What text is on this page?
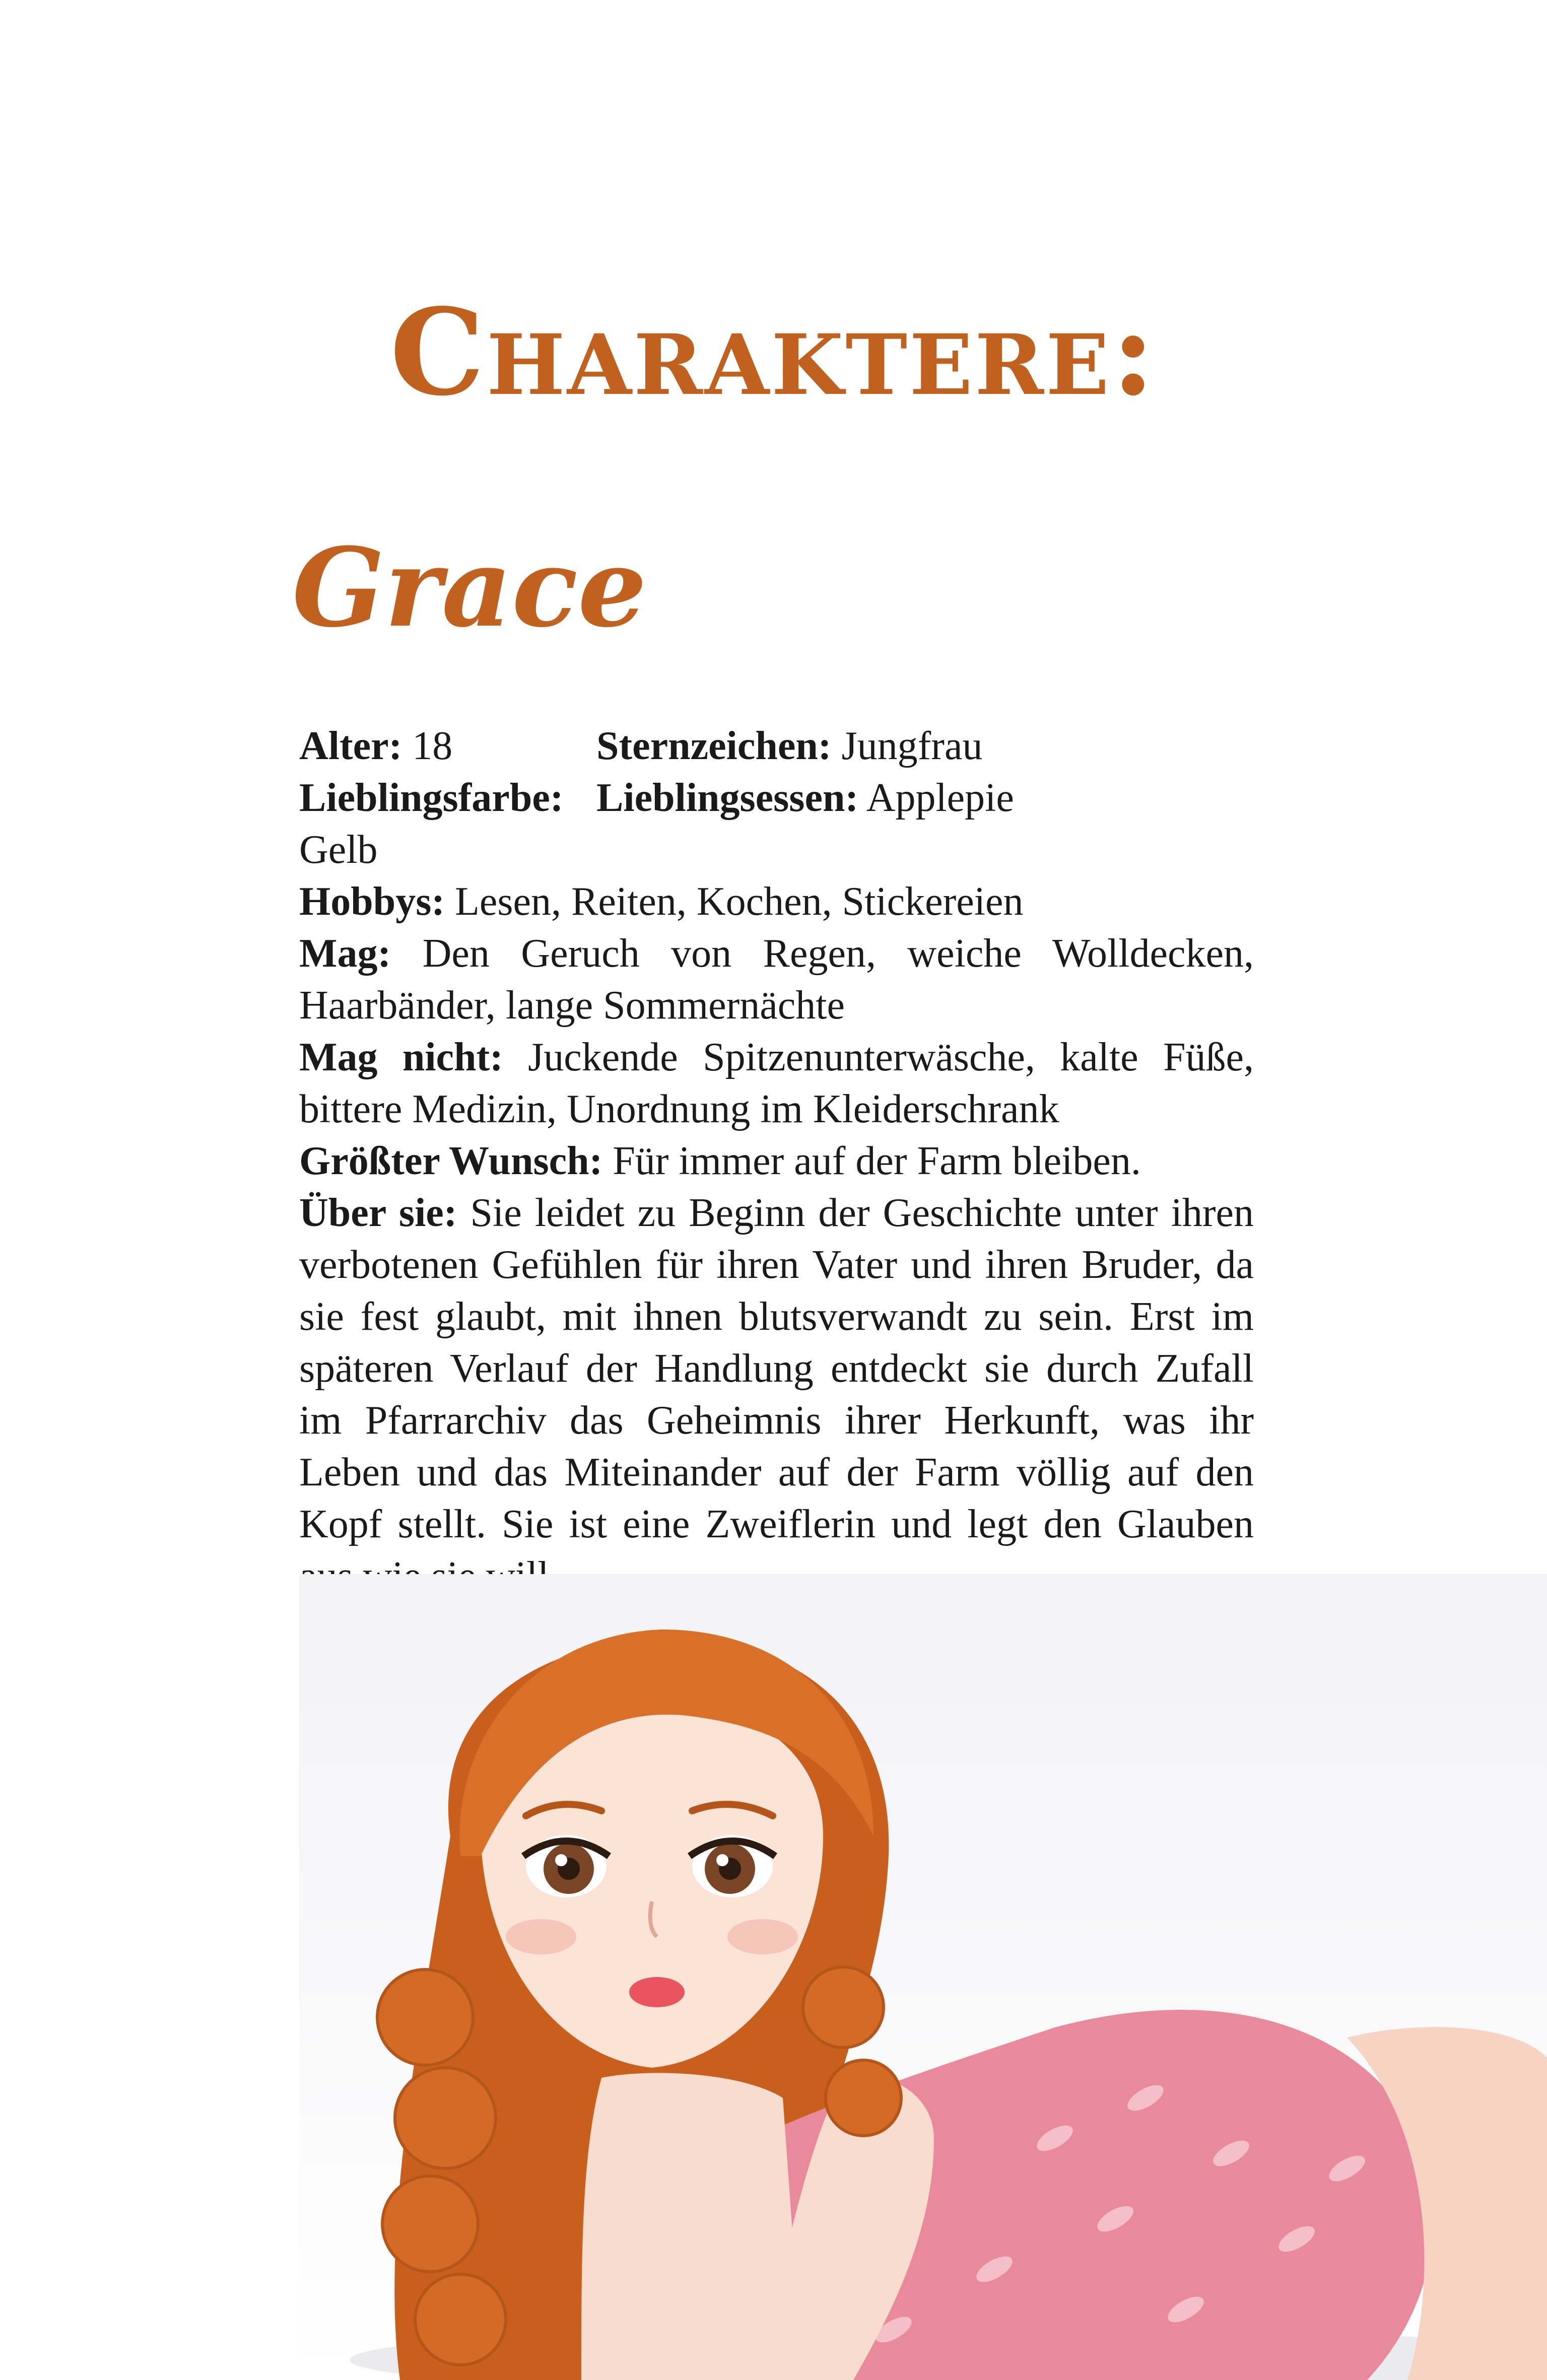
Charaktere:
Grace
Alter: 18	Sternzeichen: Jungfrau
Lieblingsfarbe: Gelb
Lieblingsessen: Applepie
Hobbys: Lesen, Reiten, Kochen, Stickereien
Mag: Den Geruch von Regen, weiche Wolldecken, Haarbänder, lange Sommernächte
Mag nicht: Juckende Spitzenunterwäsche, kalte Füße, bittere Medizin, Unordnung im Kleiderschrank
Größter Wunsch: Für immer auf der Farm bleiben.
Über sie: Sie leidet zu Beginn der Geschichte unter ihren verbotenen Gefühlen für ihren Vater und ihren Bruder, da sie fest glaubt, mit ihnen blutsverwandt zu sein. Erst im späteren Verlauf der Handlung entdeckt sie durch Zufall im Pfarrarchiv das Geheimnis ihrer Herkunft, was ihr Leben und das Miteinander auf der Farm völlig auf den Kopf stellt. Sie ist eine Zweiflerin und legt den Glauben
